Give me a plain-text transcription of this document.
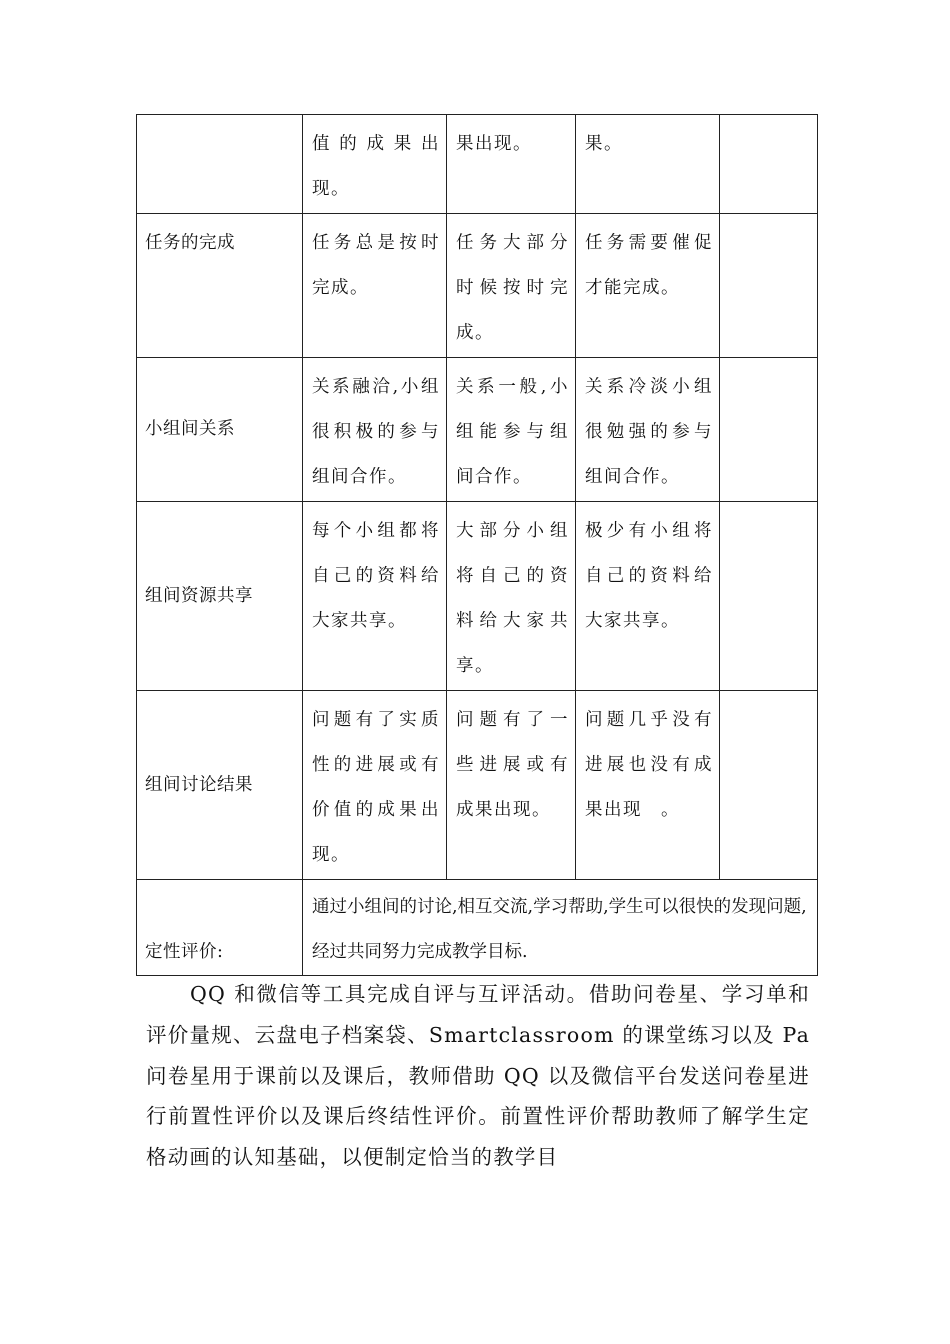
	值的成果出现。	果出现。	果。	
任务的完成	任务总是按时完成。	任务大部分时候按时完成。	任务需要催促才能完成。	
小组间关系	关系融洽,小组很积极的参与组间合作。	关系一般,小组能参与组间合作。	关系冷淡小组很勉强的参与组间合作。	
组间资源共享	每个小组都将自己的资料给大家共享。	大部分小组将自己的资料给大家共享。	极少有小组将自己的资料给大家共享。	
组间讨论结果	问题有了实质性的进展或有价值的成果出现。	问题有了一些进展或有成果出现。	问题几乎没有进展也没有成果出现　。	
定性评价:	通过小组间的讨论,相互交流,学习帮助,学生可以很快的发现问题,经过共同努力完成教学目标.			

QQ 和微信等工具完成自评与互评活动。借助问卷星、学习单和评价量规、云盘电子档案袋、Smartclassroom 的课堂练习以及 Pa 问卷星用于课前以及课后，教师借助 QQ 以及微信平台发送问卷星进行前置性评价以及课后终结性评价。前置性评价帮助教师了解学生定格动画的认知基础，以便制定恰当的教学目
